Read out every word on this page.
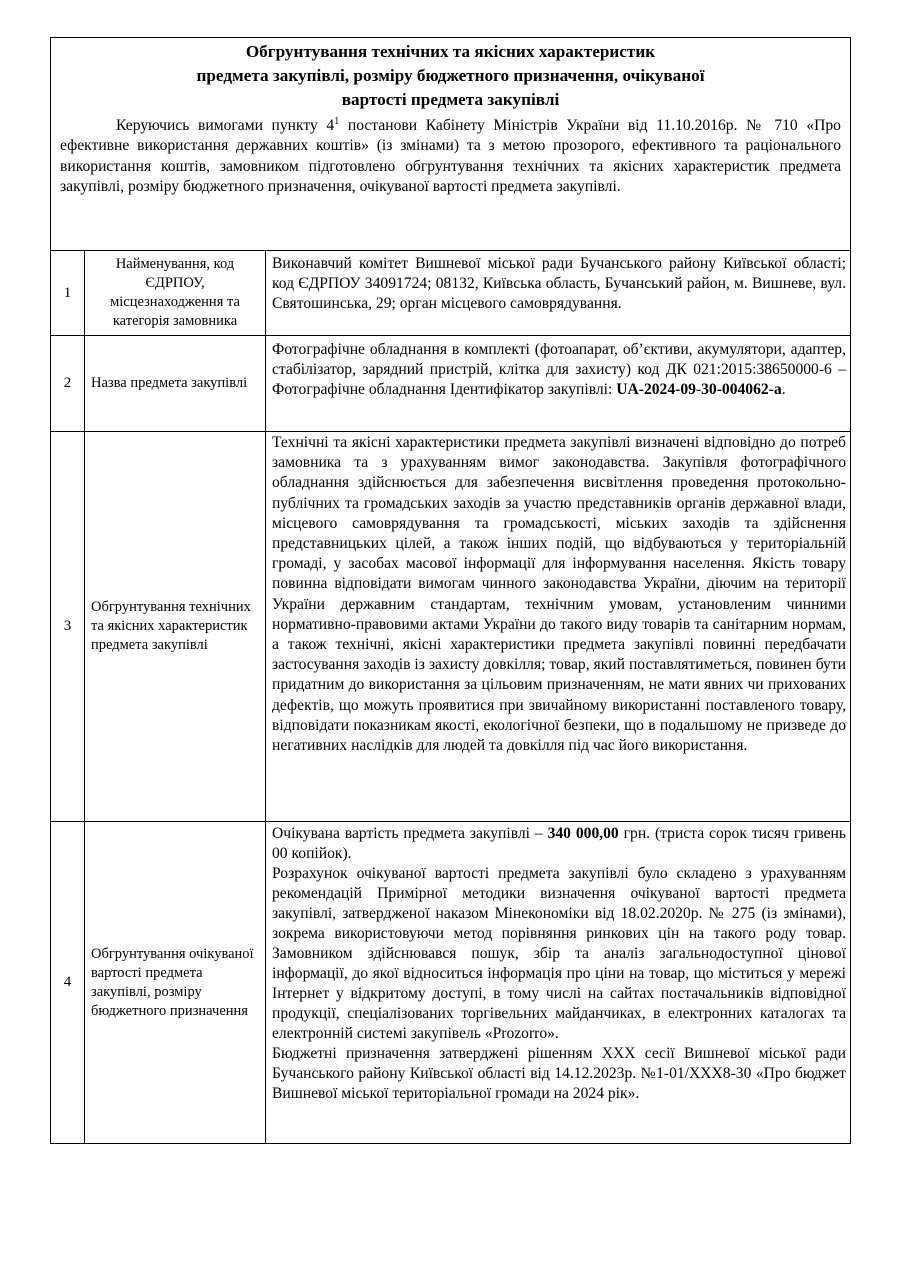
Обгрунтування технічних та якісних характеристик
предмета закупівлі, розміру бюджетного призначення, очікуваної
вартості предмета закупівлі

Керуючись вимогами пункту $4^1$ постанови Кабінету Міністрів України від 11.10.2016р. № 710 «Про ефективне використання державних коштів» (із змінами) та з метою прозорого, ефективного та раціонального використання коштів, замовником підготовлено обгрунтування технічних та якісних характеристик предмета закупівлі, розміру бюджетного призначення, очікуваної вартості предмета закупівлі.

1
Найменування, код ЄДРПОУ, місцезнаходження та категорія замовника
Виконавчий комітет Вишневої міської ради Бучанського району Київської області; код ЄДРПОУ 34091724; 08132, Київська область, Бучанський район, м. Вишневе, вул. Святошинська, 29; орган місцевого самоврядування.
2	Назва предмета закупівлі
Фотографічне обладнання в комплекті (фотоапарат, об’єктиви, акумулятори, адаптер, стабілізатор, зарядний пристрій, клітка для захисту) код ДК 021:2015:38650000-6 – Фотографічне обладнання Ідентифікатор закупівлі: UA-2024-09-30-004062-a.
3
Обгрунтування технічних та якісних характеристик предмета закупівлі
Технічні та якісні характеристики предмета закупівлі визначені відповідно до потреб замовника та з урахуванням вимог законодавства. Закупівля фотографічного обладнання здійснюється для забезпечення висвітлення проведення протокольно-публічних та громадських заходів за участю представників органів державної влади, місцевого самоврядування та громадськості, міських заходів та здійснення представницьких цілей, а також інших подій, що відбуваються у територіальній громаді, у засобах масової інформації для інформування населення. Якість товару повинна відповідати вимогам чинного законодавства України, діючим на території України державним стандартам, технічним умовам, установленим чинними нормативно-правовими актами України до такого виду товарів та санітарним нормам, а також технічні, якісні характеристики предмета закупівлі повинні передбачати застосування заходів із захисту довкілля; товар, який поставлятиметься, повинен бути придатним до використання за цільовим призначенням, не мати явних чи прихованих дефектів, що можуть проявитися при звичайному використанні поставленого товару, відповідати показникам якості, екологічної безпеки, що в подальшому не призведе до негативних наслідків для людей та довкілля під час його використання.
4
Обгрунтування очікуваної вартості предмета закупівлі, розміру бюджетного призначення

Очікувана вартість предмета закупівлі – 340 000,00 грн. (триста сорок тисяч гривень 00 копійок).

Розрахунок очікуваної вартості предмета закупівлі було складено з урахуванням рекомендацій Примірної методики визначення очікуваної вартості предмета закупівлі, затвердженої наказом Мінекономіки від 18.02.2020р. № 275 (із змінами), зокрема використовуючи метод порівняння ринкових цін на такого роду товар. Замовником здійснювався пошук, збір та аналіз загальнодоступної цінової інформації, до якої відноситься інформація про ціни на товар, що міститься у мережі Інтернет у відкритому доступі, в тому числі на сайтах постачальників відповідної продукції, спеціалізованих торгівельних майданчиках, в електронних каталогах та електронній системі закупівель «Prozorro».

Бюджетні призначення затверджені рішенням XXX сесії Вишневої міської ради Бучанського району Київської області від 14.12.2023р. №1-01/XXX8-30 «Про бюджет Вишневої міської територіальної громади на 2024 рік».
